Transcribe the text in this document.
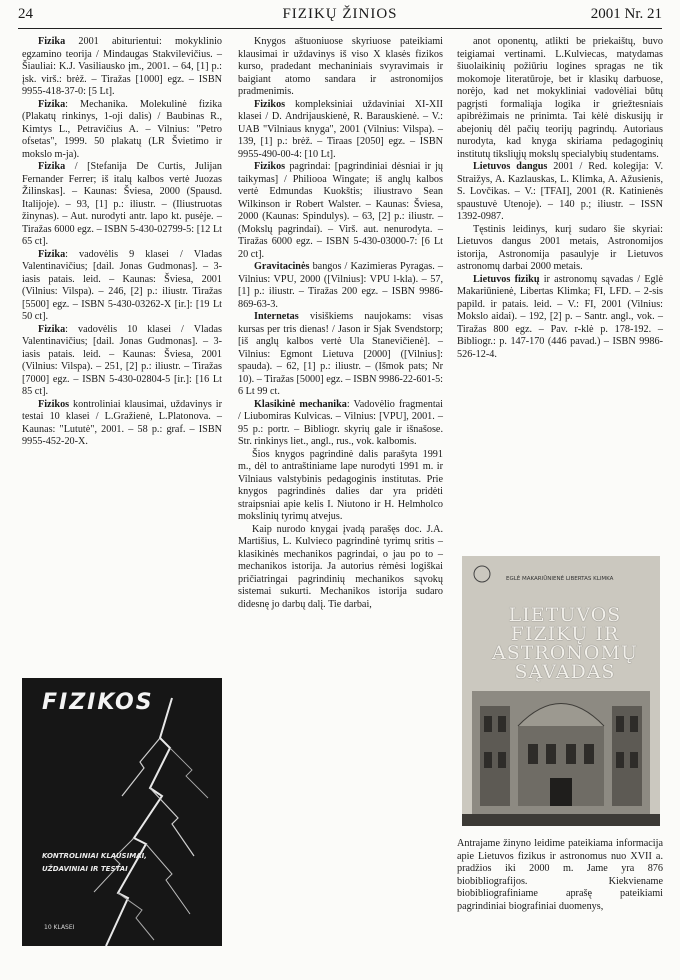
24	FIZIKŲ ŽINIOS	2001 Nr. 21

Fizika 2001 abiturientui: mokyklinio egzamino teorija / Mindaugas Stakvilevičius. – Šiauliai: K.J. Vasiliausko įm., 2001. – 64, [1] p.: įsk. virš.: brėž. – Tiražas [1000] egz. – ISBN 9955-418-37-0: [5 Lt].

Fizika: Mechanika. Molekulinė fizika (Plakatų rinkinys, 1-oji dalis) / Baubinas R., Kimtys L., Petravičius A. – Vilnius: "Petro ofsetas", 1999. 50 plakatų (LR Švietimo ir mokslo m-ja).

Fizika / [Stefanija De Curtis, Julijan Fernander Ferrer; iš italų kalbos vertė Juozas Žilinskas]. – Kaunas: Šviesa, 2000 (Spausd. Italijoje). – 93, [1] p.: iliustr. – (Iliustruotas žinynas). – Aut. nurodyti antr. lapo kt. pusėje. – Tiražas 6000 egz. – ISBN 5-430-02799-5: [12 Lt 65 ct].

Fizika: vadovėlis 9 klasei / Vladas Valentinavičius; [dail. Jonas Gudmonas]. – 3-iasis patais. leid. – Kaunas: Šviesa, 2001 (Vilnius: Vilspa). – 246, [2] p.: iliustr. Tiražas [5500] egz. – ISBN 5-430-03262-X [ir.]: [19 Lt 50 ct].

Fizika: vadovėlis 10 klasei / Vladas Valentinavičius; [dail. Jonas Gudmonas]. – 3-iasis patais. leid. – Kaunas: Šviesa, 2001 (Vilnius: Vilspa). – 251, [2] p.: iliustr. – Tiražas [7000] egz. – ISBN 5-430-02804-5 [ir.]: [16 Lt 85 ct].

Fizikos kontroliniai klausimai, uždavinys ir testai 10 klasei / L.Gražienė, L.Platonova. – Kaunas: "Lututė", 2001. – 58 p.: graf. – ISBN 9955-452-20-X.

FIZIKOS
KONTROLINIAI KLAUSIMAI, UŽDAVINIAI IR TESTAI
10 KLASEI

Knygos aštuoniuose skyriuose pateikiami klausimai ir uždavinys iš viso X klasės fizikos kurso, pradedant mechaniniais svyravimais ir baigiant atomo sandara ir astronomijos pradmenimis.

Fizikos kompleksiniai uždaviniai XI-XII klasei / D. Andrijauskienė, R. Barauskienė. – V.: UAB "Vilniaus knyga", 2001 (Vilnius: Vilspa). – 139, [1] p.: brėž. – Tiraas [2050] egz. – ISBN 9955-490-00-4: [10 Lt].

Fizikos pagrindai: [pagrindiniai dėsniai ir jų taikymas] / Philiooa Wingate; iš anglų kalbos vertė Edmundas Kuokštis; iliustravo Sean Wilkinson ir Robert Walster. – Kaunas: Šviesa, 2000 (Kaunas: Spindulys). – 63, [2] p.: iliustr. – (Mokslų pagrindai). – Virš. aut. nenurodyta. – Tiražas 6000 egz. – ISBN 5-430-03000-7: [6 Lt 20 ct].

Gravitacinės bangos / Kazimieras Pyragas. – Vilnius: VPU, 2000 ([Vilnius]: VPU l-kla). – 57, [1] p.: iliustr. – Tiražas 200 egz. – ISBN 9986-869-63-3.

Internetas visiškiems naujokams: visas kursas per tris dienas! / Jason ir Sjak Svendstorp; [iš anglų kalbos vertė Ula Stanevičienė]. – Vilnius: Egmont Lietuva [2000] ([Vilnius]: spauda). – 62, [1] p.: iliustr. – (Išmok pats; Nr 10). – Tiražas [5000] egz. – ISBN 9986-22-601-5: 6 Lt 99 ct.

Klasikinė mechanika: Vadovėlio fragmentai / Liubomiras Kulvicas. – Vilnius: [VPU], 2001. – 95 p.: portr. – Bibliogr. skyrių gale ir išnašose. Str. rinkinys liet., angl., rus., vok. kalbomis.

Šios knygos pagrindinė dalis parašyta 1991 m., dėl to antraštiniame lape nurodyti 1991 m. ir Vilniaus valstybinis pedagoginis institutas. Prie knygos pagrindinės dalies dar yra pridėti straipsniai apie kelis I. Niutono ir H. Helmholco mokslinių tyrimų atvejus.

Kaip nurodo knygai įvadą parašęs doc. J.A. Martišius, L. Kulvieco pagrindinė tyrimų sritis – klasikinės mechanikos pagrindai, o jau po to – mechanikos istorija. Ja autorius rėmėsi logiškai pričiatringai pagrindinių mechanikos sąvokų sistemai sukurti. Mechanikos istorija sudaro didesnę jo darbų dalį. Tie darbai,

anot oponentų, atlikti be priekaištų, buvo teigiamai vertinami. L.Kulviecas, matydamas šiuolaikinių požiūriu logines spragas ne tik mokomoje literatūroje, bet ir klasikų darbuose, norėjo, kad net mokykliniai vadovėliai būtų pagrįsti formaliąja logika ir griežtesniais apibrėžimais ne prinimta. Tai kėlė diskusijų ir abejonių dėl pačių teorijų pagrindų. Autoriaus nurodyta, kad knyga skiriama pedagoginių institutų tiksliųjų mokslų specialybių studentams.

Lietuvos dangus 2001 / Red. kolegija: V. Straižys, A. Kazlauskas, L. Klimka, A. Ažusienis, S. Lovčikas. – V.: [TFAI], 2001 (R. Katinienės spaustuvė Utenoje). – 140 p.; iliustr. – ISSN 1392-0987.

Tęstinis leidinys, kurį sudaro šie skyriai: Lietuvos dangus 2001 metais, Astronomijos istorija, Astronomija pasaulyje ir Lietuvos astronomų darbai 2000 metais.

Lietuvos fizikų ir astronomų sąvadas / Eglė Makariūnienė, Libertas Klimka; FI, LFD. – 2-sis papild. ir patais. leid. – V.: FI, 2001 (Vilnius: Mokslo aidai). – 192, [2] p. – Santr. angl., vok. – Tiražas 800 egz. – Pav. r-klė p. 178-192. – Bibliogr.: p. 147-170 (446 pavad.) – ISBN 9986-526-12-4.

EGLĖ MAKARIŪNIENĖ LIBERTAS KLIMKA
LIETUVOS FIZIKŲ IR ASTRONOMŲ SĄVADAS
Antrajame žinyno leidime pateikiama informacija apie Lietuvos fizikus ir astronomus nuo XVII a. pradžios iki 2000 m. Jame yra 876 biobibliografijos. Kiekviename biobibliografiniame aprašę pateikiami pagrindiniai biografiniai duomenys,
